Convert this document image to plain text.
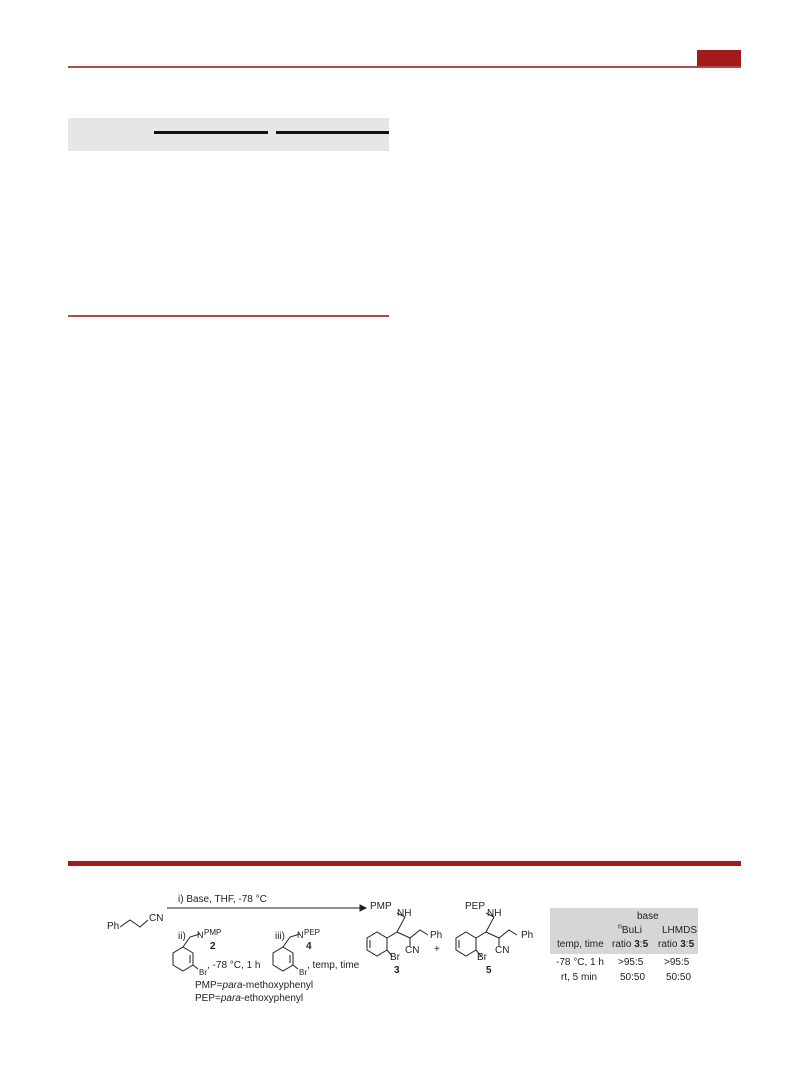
Ph
CN
i) Base, THF, -78 °C
ii) PMP
N
2
Br
, -78 °C, 1 h
iii) PEP
N
4
Br
, temp, time
PMP=para-methoxyphenyl
PEP=para-ethoxyphenyl
PMP
NH
Ph
Br
CN
3
+
PEP
NH
Ph
Br
CN
5
base
$^n$BuLi LHMDS
temp, time ratio 3:5 ratio 3:5
-78 °C, 1 h >95:5 >95:5
rt, 5 min 50:50 50:50
